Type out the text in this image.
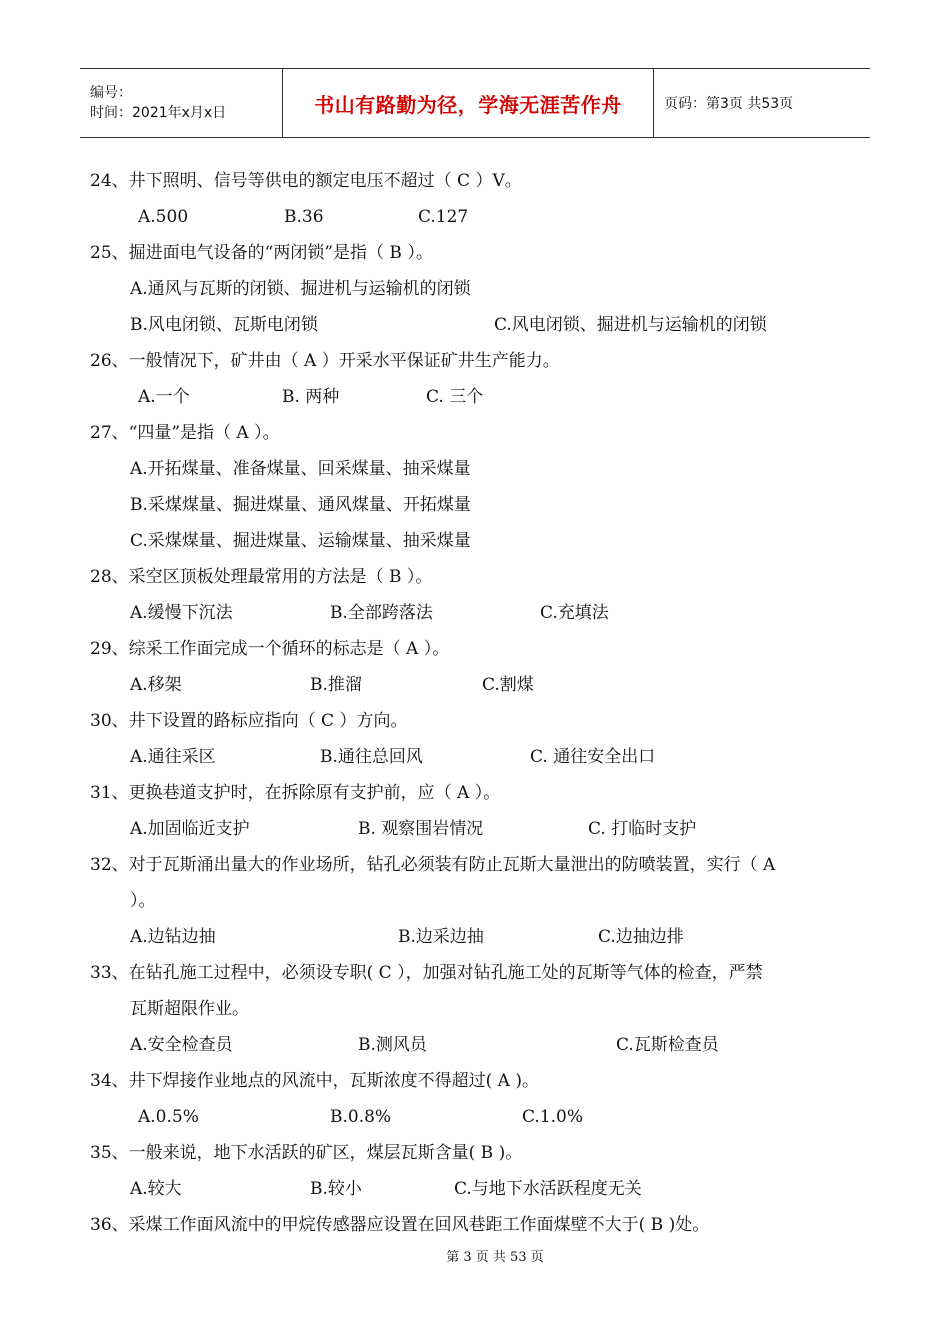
编号：
时间：2021年x月x日	书山有路勤为径，学海无涯苦作舟	页码：第3页 共53页
24、井下照明、信号等供电的额定电压不超过（ C ）V。
A.500	B.36	C.127
25、掘进面电气设备的“两闭锁”是指（ B ）。
A.通风与瓦斯的闭锁、掘进机与运输机的闭锁
B.风电闭锁、瓦斯电闭锁	C.风电闭锁、掘进机与运输机的闭锁
26、一般情况下，矿井由（ A ）开采水平保证矿井生产能力。
A.一个	B. 两种	C. 三个
27、“四量”是指（ A ）。
A.开拓煤量、准备煤量、回采煤量、抽采煤量
B.采煤煤量、掘进煤量、通风煤量、开拓煤量
C.采煤煤量、掘进煤量、运输煤量、抽采煤量
28、采空区顶板处理最常用的方法是（ B ）。
A.缓慢下沉法	B.全部跨落法	C.充填法
29、综采工作面完成一个循环的标志是（ A ）。
A.移架	B.推溜	C.割煤
30、井下设置的路标应指向（ C ）方向。
A.通往采区	B.通往总回风	C. 通往安全出口
31、更换巷道支护时，在拆除原有支护前，应（ A ）。
A.加固临近支护	B. 观察围岩情况	C. 打临时支护
32、对于瓦斯涌出量大的作业场所，钻孔必须装有防止瓦斯大量泄出的防喷装置，实行（ A
）。
A.边钻边抽	B.边采边抽	C.边抽边排
33、在钻孔施工过程中，必须设专职( C ），加强对钻孔施工处的瓦斯等气体的检查，严禁
瓦斯超限作业。
A.安全检查员	B.测风员	C.瓦斯检查员
34、井下焊接作业地点的风流中，瓦斯浓度不得超过( A )。
A.0.5%	B.0.8%	C.1.0%
35、一般来说，地下水活跃的矿区，煤层瓦斯含量( B )。
A.较大	B.较小	C.与地下水活跃程度无关
36、采煤工作面风流中的甲烷传感器应设置在回风巷距工作面煤壁不大于( B )处。
第 3 页 共 53 页
